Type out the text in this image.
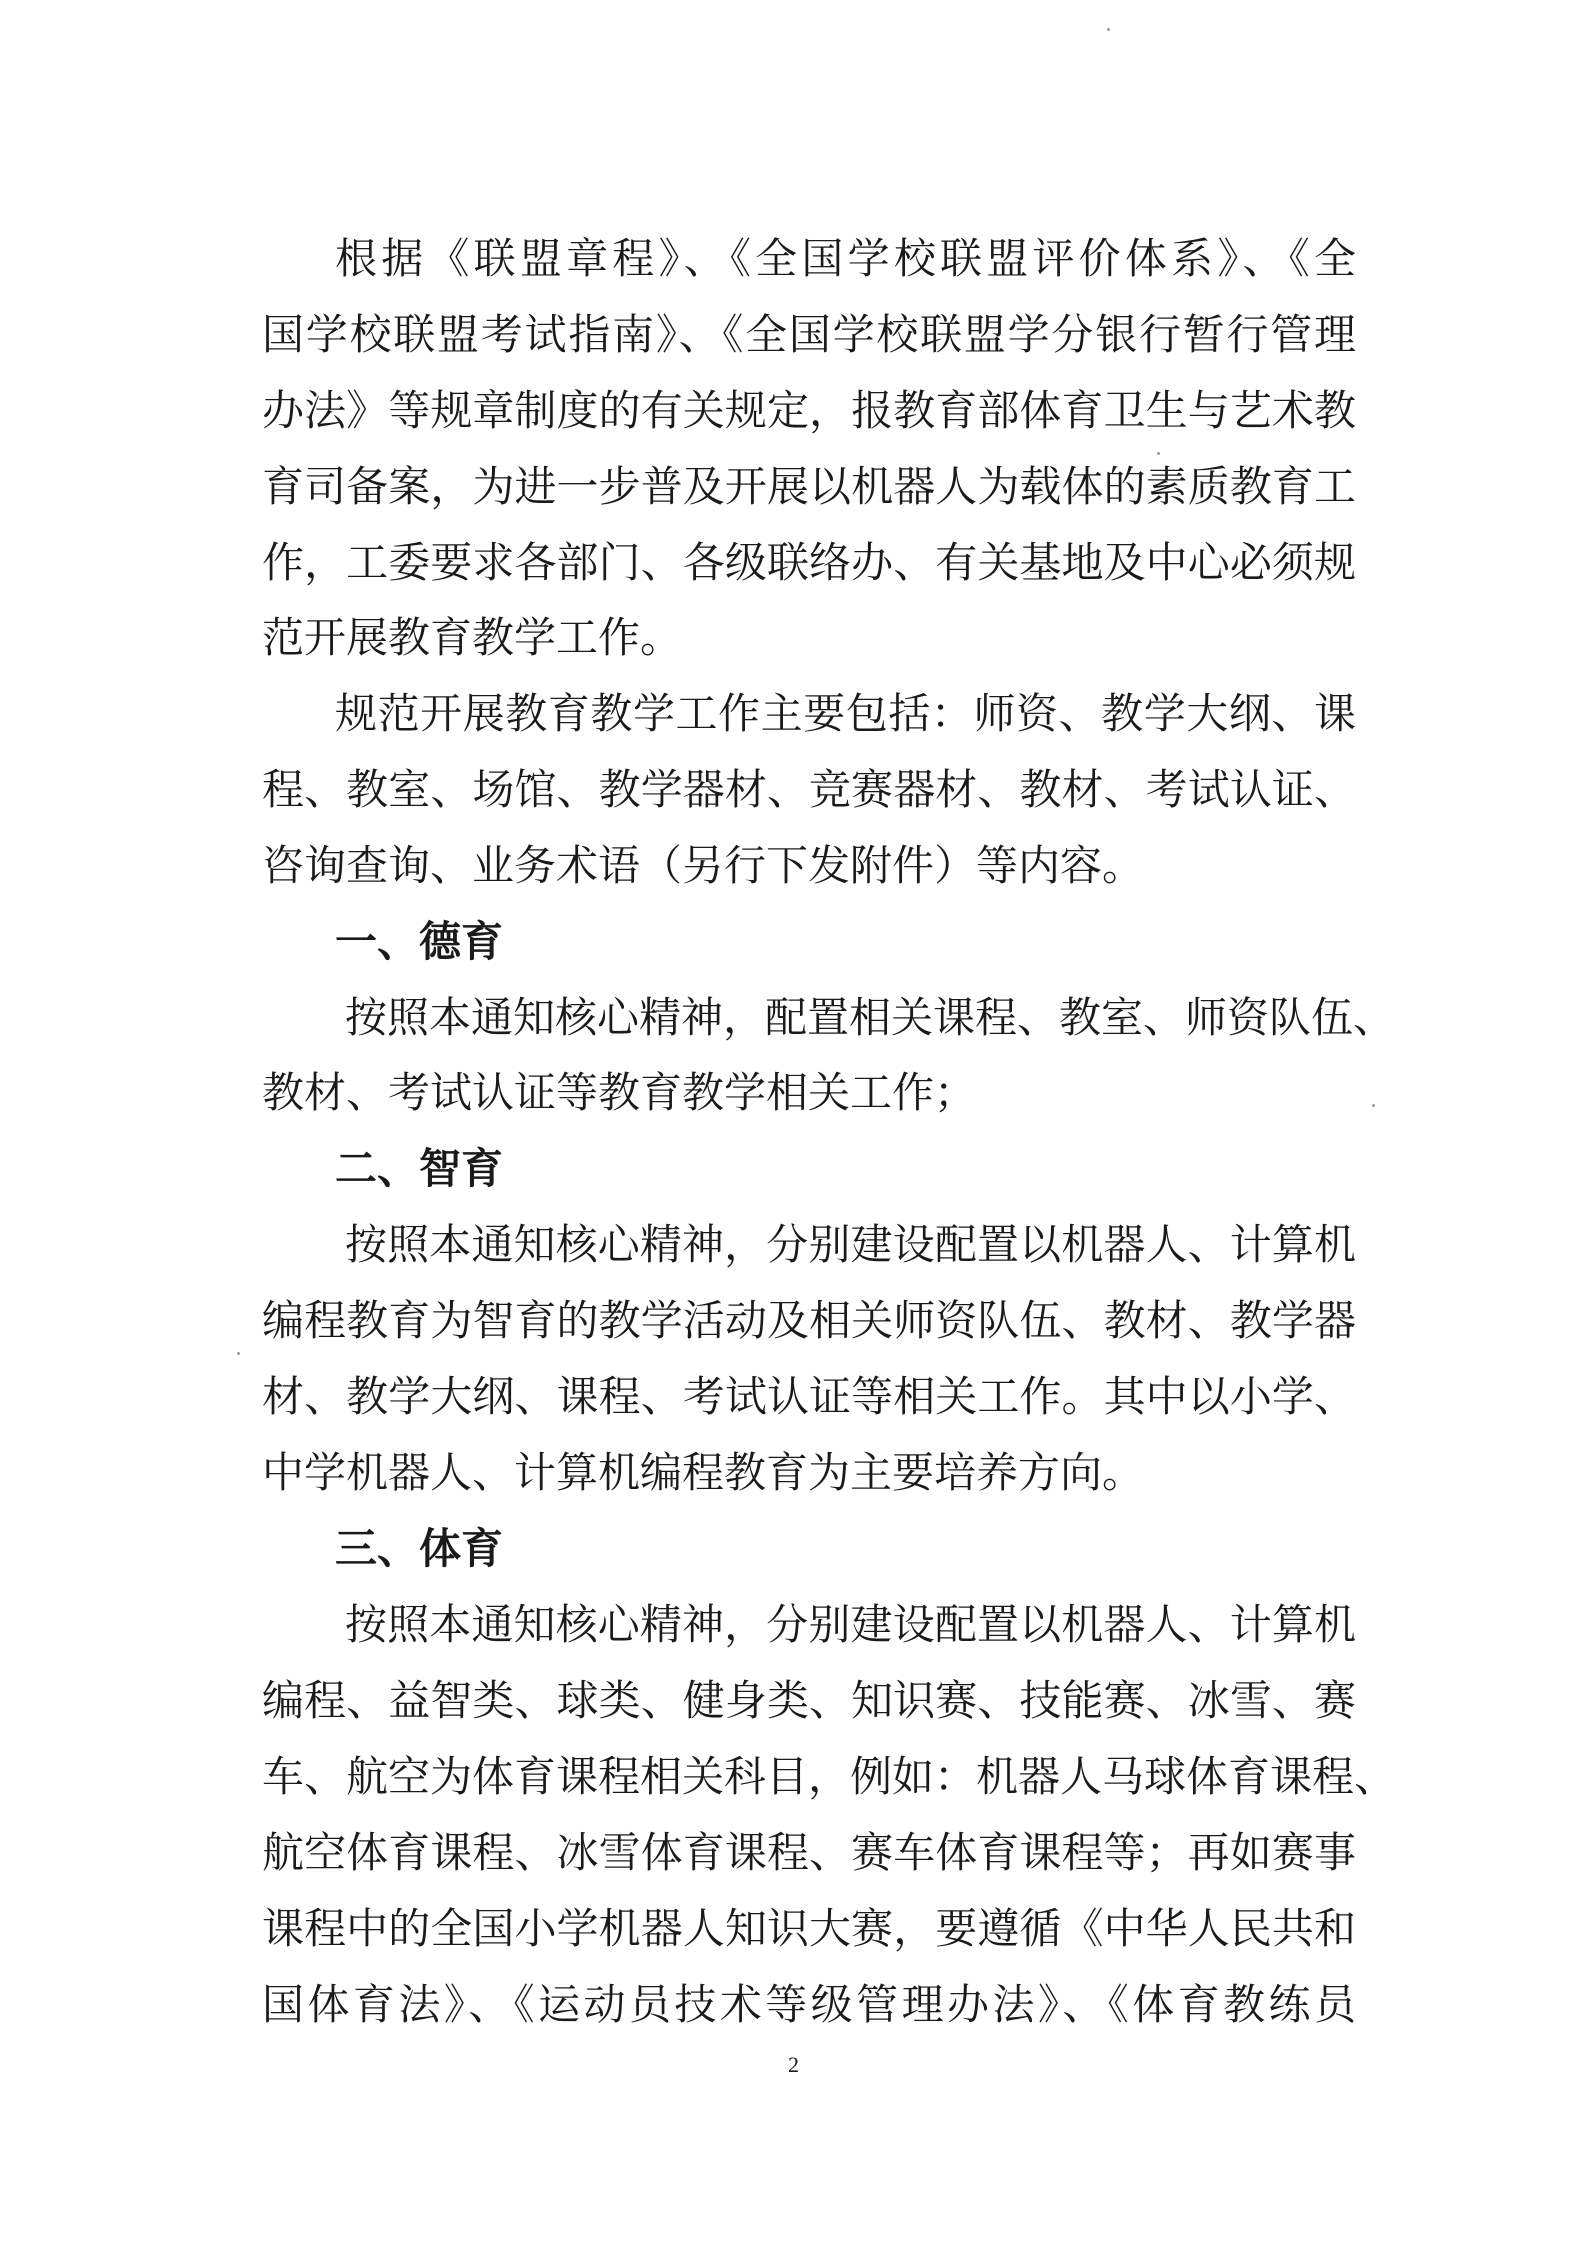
根据《联盟章程》、《全国学校联盟评价体系》、《全

国学校联盟考试指南》、《全国学校联盟学分银行暂行管理

办法》等规章制度的有关规定，报教育部体育卫生与艺术教

育司备案，为进一步普及开展以机器人为载体的素质教育工

作，工委要求各部门、各级联络办、有关基地及中心必须规

范开展教育教学工作。

规范开展教育教学工作主要包括：师资、教学大纲、课

程、教室、场馆、教学器材、竞赛器材、教材、考试认证、

咨询查询、业务术语（另行下发附件）等内容。

一、德育

按照本通知核心精神，配置相关课程、教室、师资队伍、

教材、考试认证等教育教学相关工作；

二、智育

按照本通知核心精神，分别建设配置以机器人、计算机

编程教育为智育的教学活动及相关师资队伍、教材、教学器

材、教学大纲、课程、考试认证等相关工作。其中以小学、

中学机器人、计算机编程教育为主要培养方向。

三、体育

按照本通知核心精神，分别建设配置以机器人、计算机

编程、益智类、球类、健身类、知识赛、技能赛、冰雪、赛

车、航空为体育课程相关科目，例如：机器人马球体育课程、

航空体育课程、冰雪体育课程、赛车体育课程等；再如赛事

课程中的全国小学机器人知识大赛，要遵循《中华人民共和

国体育法》、《运动员技术等级管理办法》、《体育教练员

2
